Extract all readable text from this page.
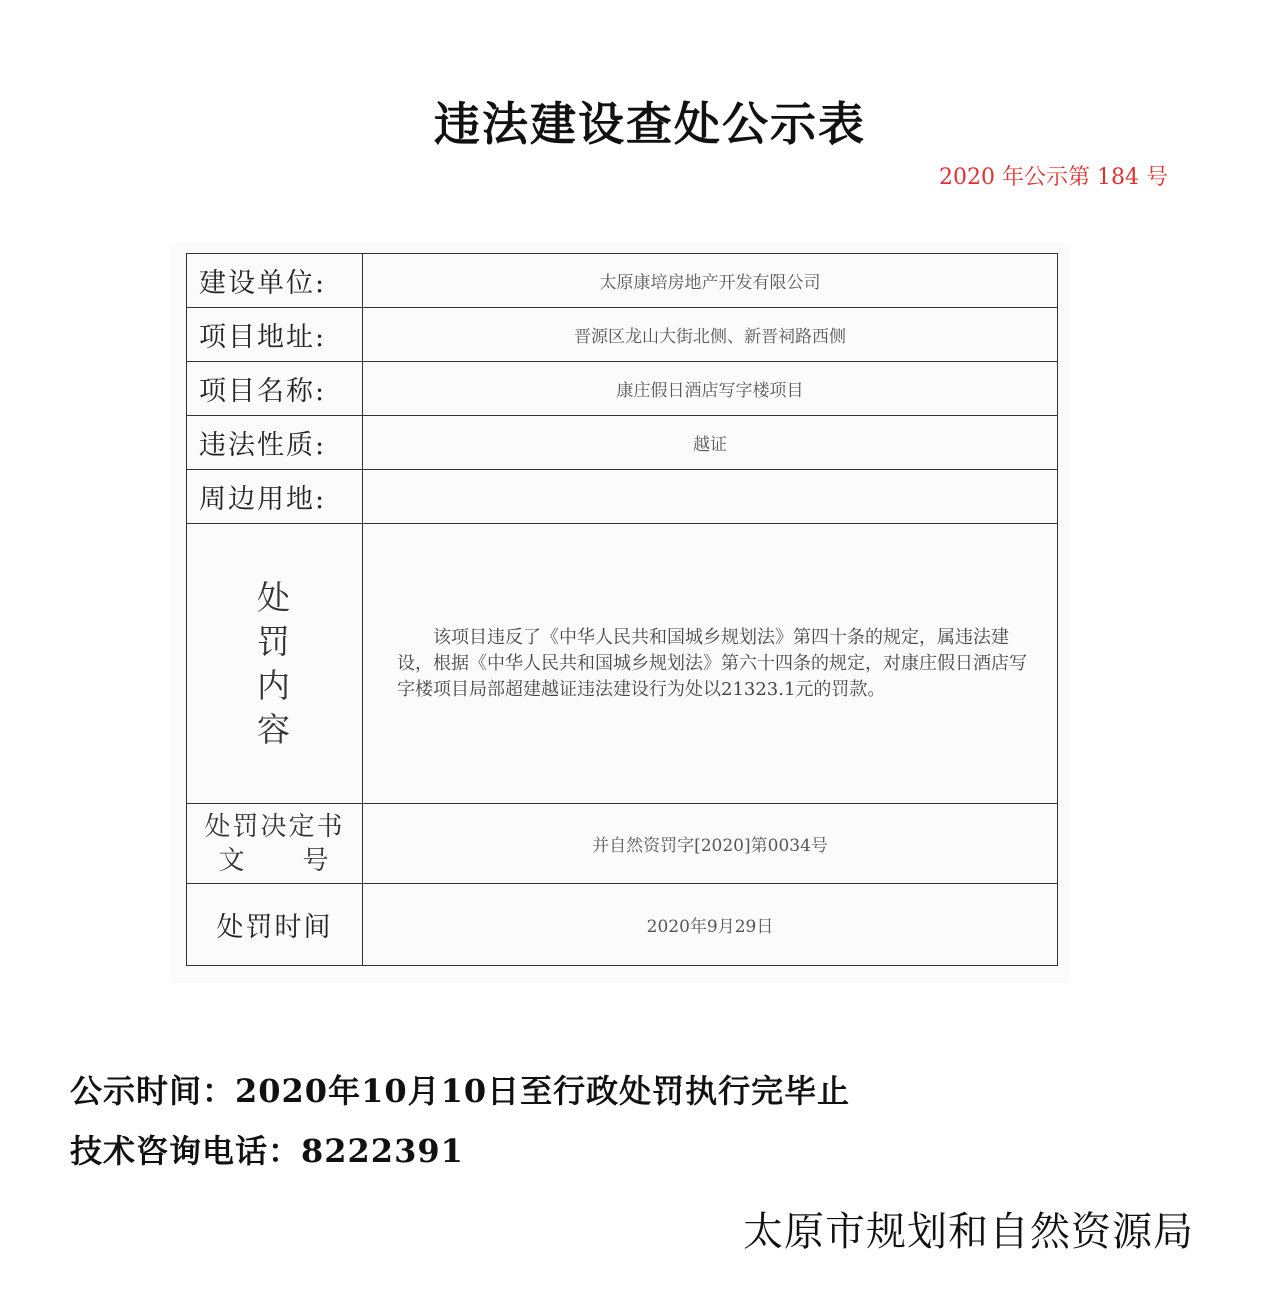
违法建设查处公示表
2020 年公示第 184 号
建设单位:	太原康培房地产开发有限公司
项目地址:	晋源区龙山大街北侧、新晋祠路西侧
项目名称:	康庄假日酒店写字楼项目
违法性质:	越证
周边用地:	

处
罚
内
容	该项目违反了《中华人民共和国城乡规划法》第四十条的规定，属违法建设，根据《中华人民共和国城乡规划法》第六十四条的规定，对康庄假日酒店写字楼项目局部超建越证违法建设行为处以21323.1元的罚款。

处罚决定书
文　　号	并自然资罚字[2020]第0034号
处罚时间	2020年9月29日
公示时间：2020年10月10日至行政处罚执行完毕止
技术咨询电话：8222391
太原市规划和自然资源局
